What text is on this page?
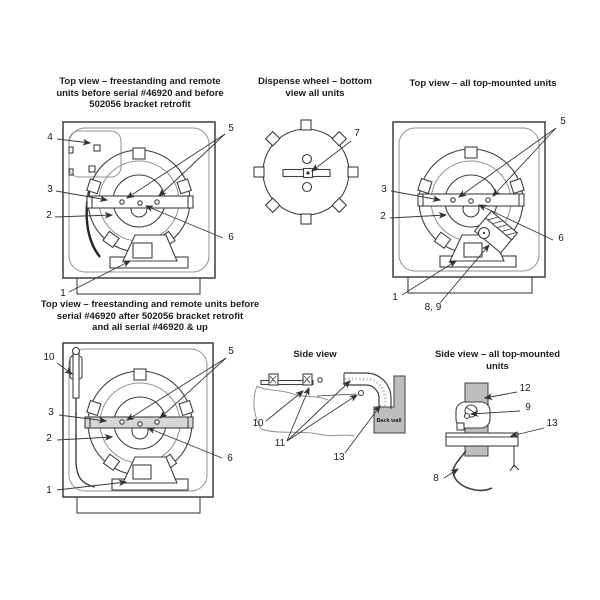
Top view – freestanding and remote
units before serial #46920 and before
502056 bracket retrofit
Dispense wheel – bottom
view all units
Top view – all top-mounted units
Top view – freestanding and remote units before
serial #46920 after 502056 bracket retrofit
and all serial #46920 & up
Side view	Side view – all top-mounted
units
4
5
3
2
6
1
7
5
3
2
6
1
8, 9
10
5
3
2
6
1
Back wall
10
11
13
12
9
13
8
